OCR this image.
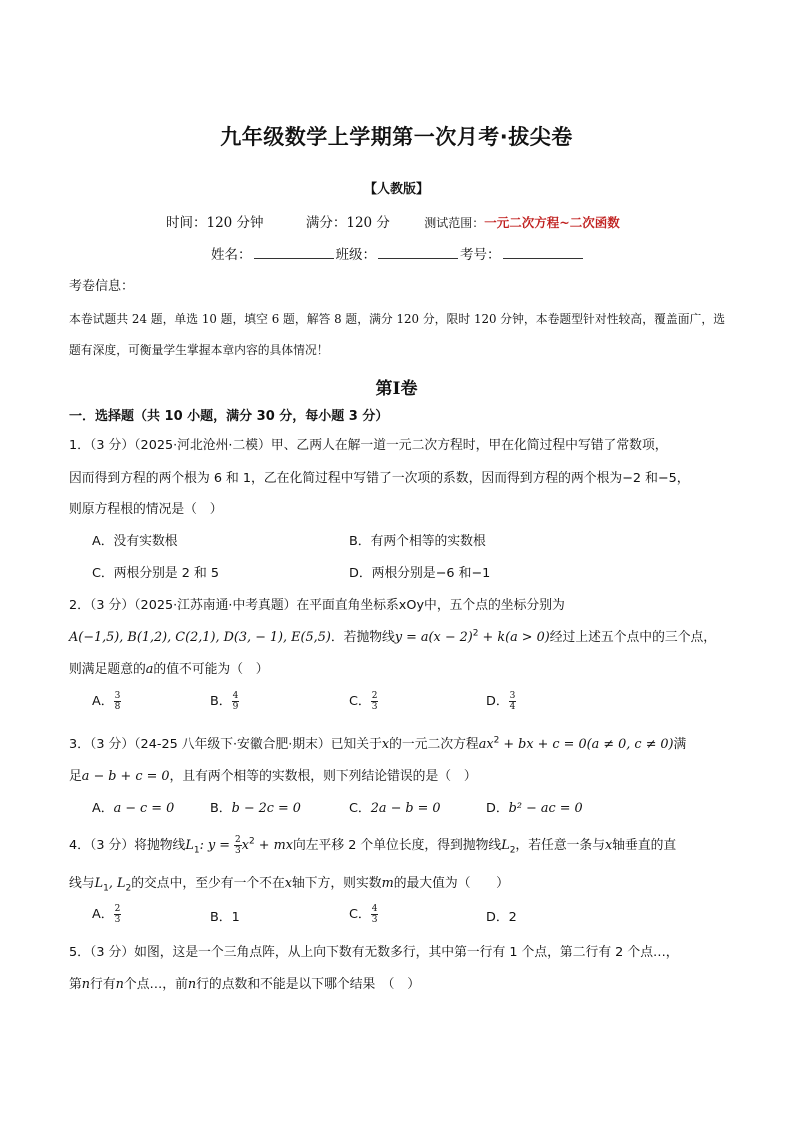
九年级数学上学期第一次月考·拔尖卷
【人教版】
时间：120 分钟	满分：120 分	测试范围：一元二次方程~二次函数
姓名：	班级：	考号：
考卷信息：
本卷试题共 24 题，单选 10 题，填空 6 题，解答 8 题，满分 120 分，限时 120 分钟，本卷题型针对性较高，覆盖面广，选题有深度，可衡量学生掌握本章内容的具体情况！
第I卷
一．选择题（共 10 小题，满分 30 分，每小题 3 分）
1．（3 分）（2025·河北沧州·二模）甲、乙两人在解一道一元二次方程时，甲在化简过程中写错了常数项，
因而得到方程的两个根为 6 和 1，乙在化简过程中写错了一次项的系数，因而得到方程的两个根为−2 和−5，
则原方程根的情况是（　）
A．没有实数根	B．有两个相等的实数根
C．两根分别是 2 和 5	D．两根分别是−6 和−1
2．（3 分）（2025·江苏南通·中考真题）在平面直角坐标系xOy中，五个点的坐标分别为
A(−1,5), B(1,2), C(2,1), D(3, − 1), E(5,5)．若抛物线$y = a(x - 2)^2 + k(a > 0)$经过上述五个点中的三个点，
则满足题意的a的值不可能为（　）
A． $\frac{3}{8}$	B． $\frac{4}{9}$	C． $\frac{2}{3}$	D． $\frac{3}{4}$
3．（3 分）（24-25 八年级下·安徽合肥·期末）已知关于x的一元二次方程$ax^2$ + bx + c = 0(a ≠ 0, c ≠ 0)满
足a − b + c = 0，且有两个相等的实数根，则下列结论错误的是（　）
A．a − c = 0	B．b − 2c = 0	C．2a − b = 0	D．b² − ac = 0
4．（3 分）将抛物线$L_1$: $y = \frac{2}{3} x^2$ + mx向左平移 2 个单位长度，得到抛物线$L_2$，若任意一条与x轴垂直的直
线与$L_1$, $L_2$的交点中，至少有一个不在x轴下方，则实数m的最大值为（　　）
A． $\frac{2}{3}$	B．1	C． $\frac{4}{3}$	D．2
5．（3 分）如图，这是一个三角点阵，从上向下数有无数多行，其中第一行有 1 个点，第二行有 2 个点…，
第n行有n个点…，前n行的点数和不能是以下哪个结果　（　）
